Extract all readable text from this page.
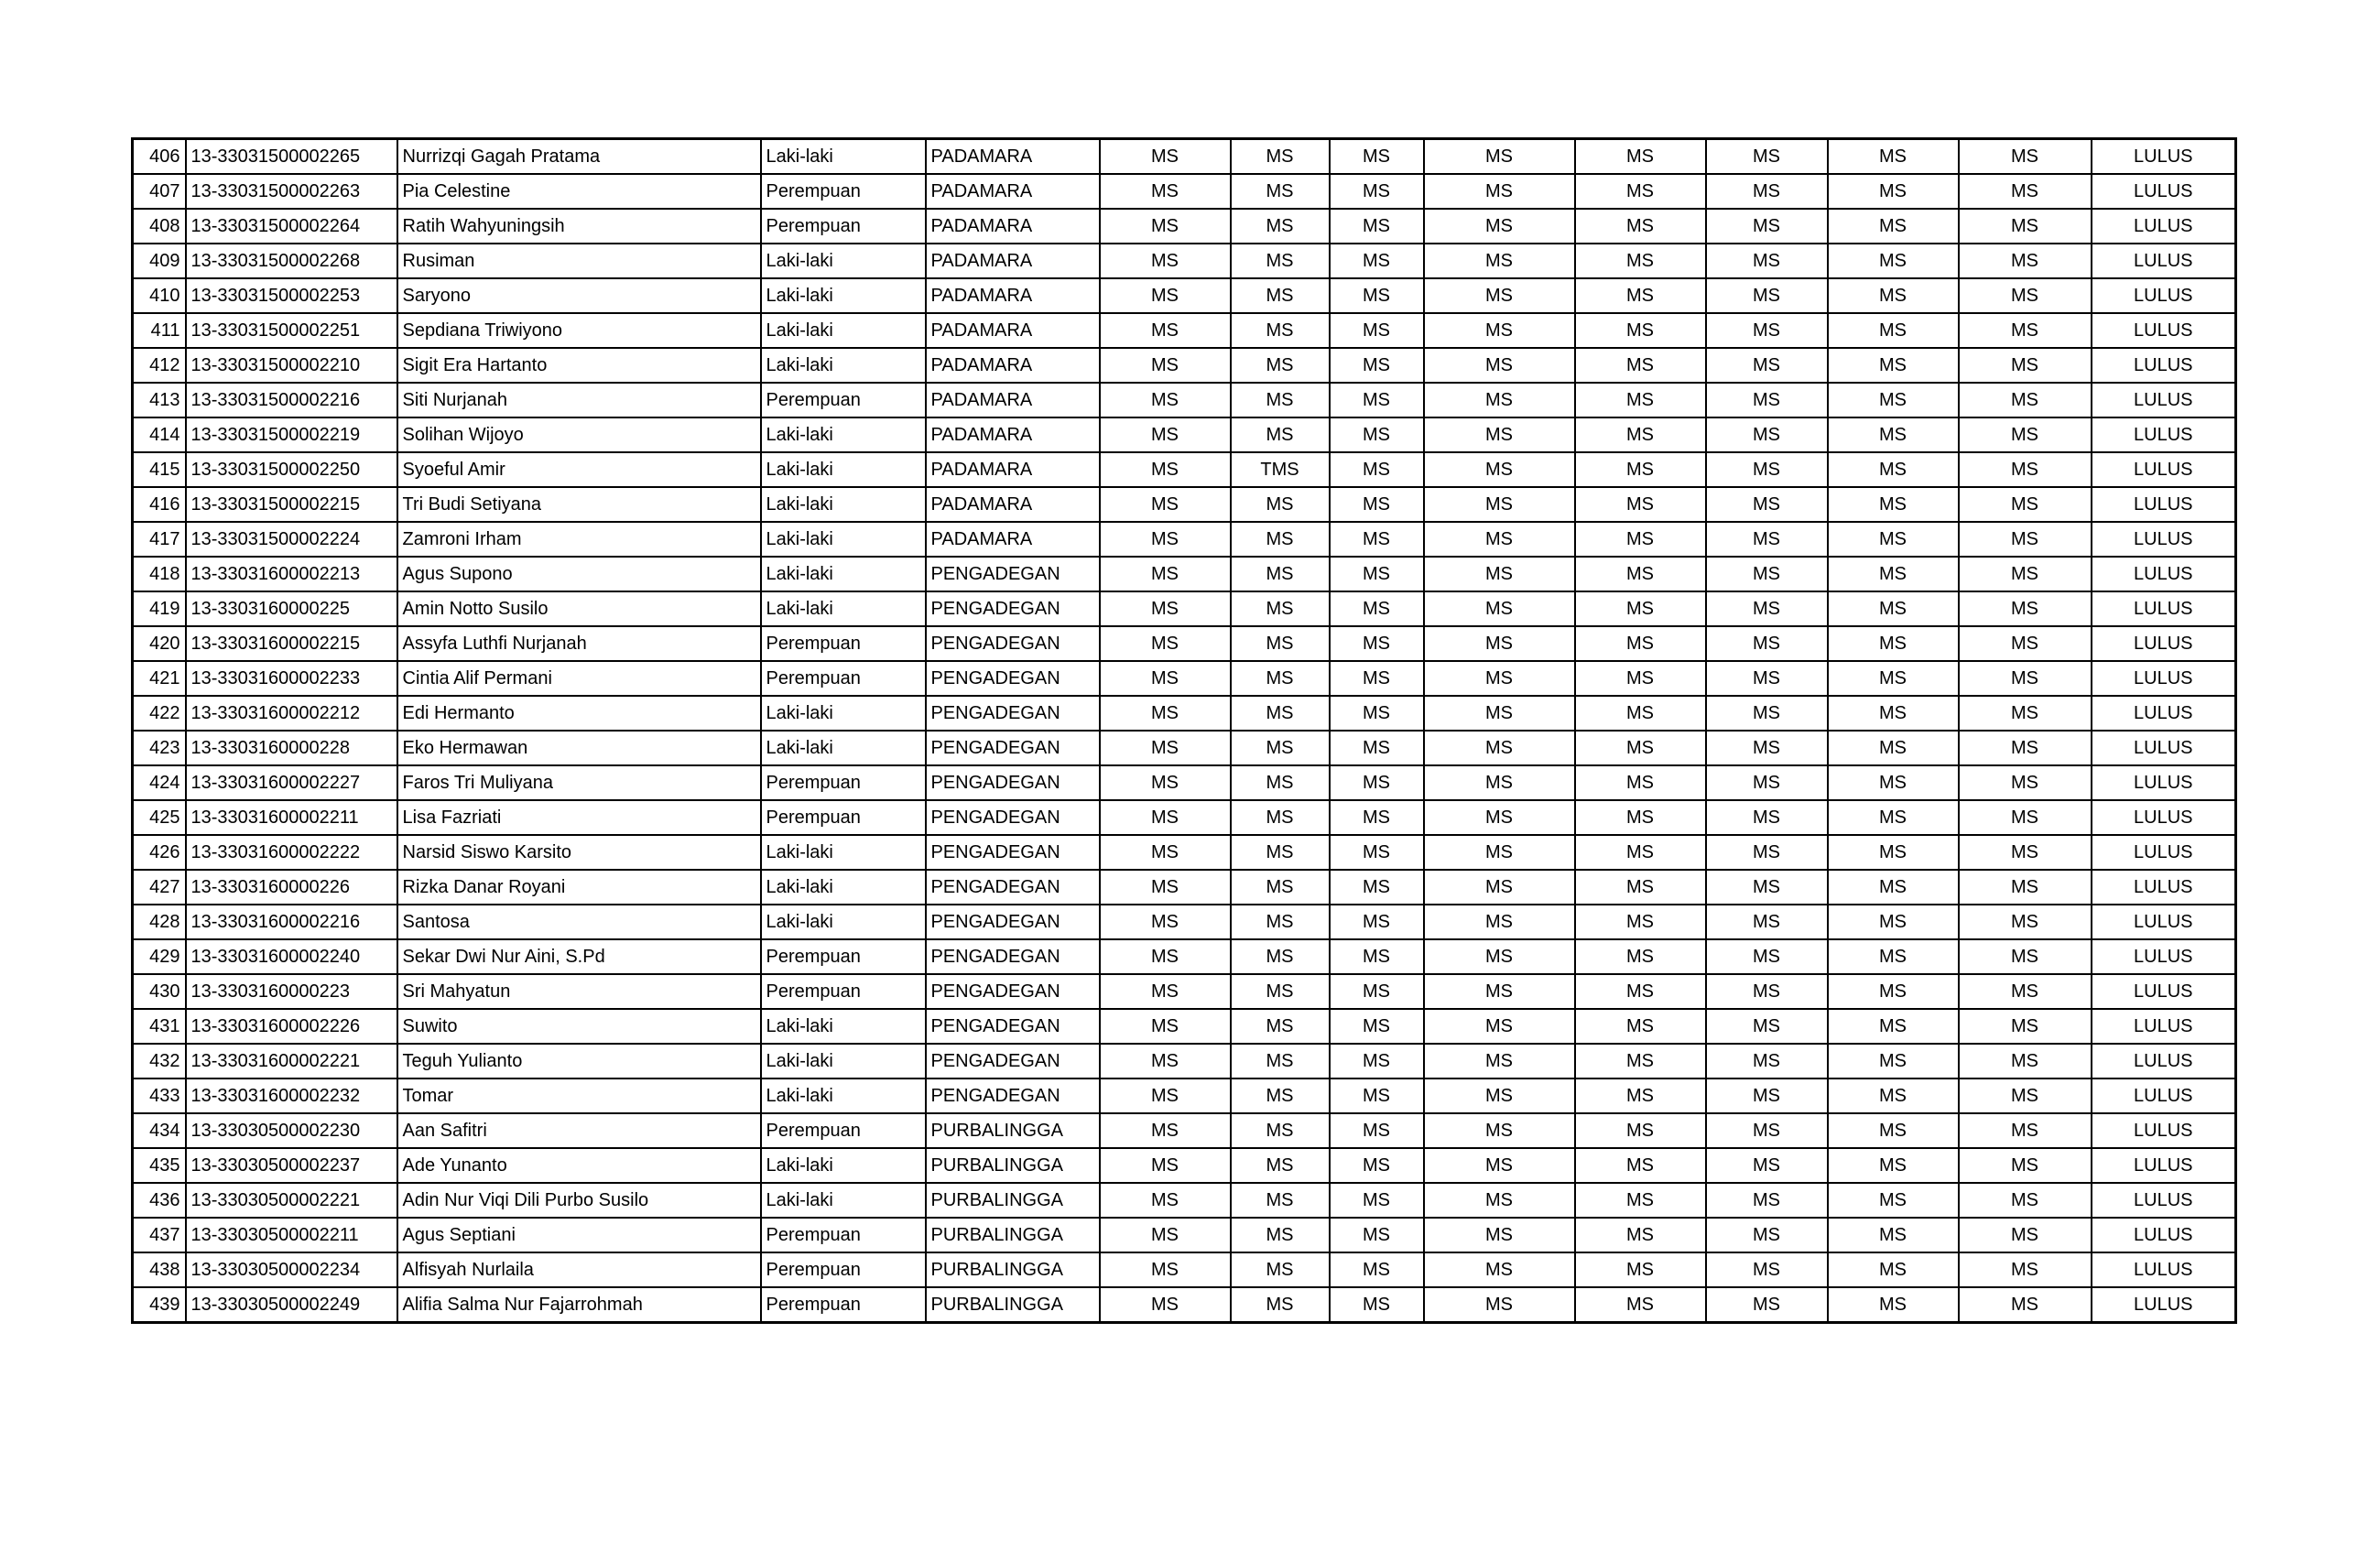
406	13-33031500002265	Nurrizqi Gagah Pratama	Laki-laki	PADAMARA	MS	MS	MS	MS	MS	MS	MS	MS	LULUS
407	13-33031500002263	Pia Celestine	Perempuan	PADAMARA	MS	MS	MS	MS	MS	MS	MS	MS	LULUS
408	13-33031500002264	Ratih Wahyuningsih	Perempuan	PADAMARA	MS	MS	MS	MS	MS	MS	MS	MS	LULUS
409	13-33031500002268	Rusiman	Laki-laki	PADAMARA	MS	MS	MS	MS	MS	MS	MS	MS	LULUS
410	13-33031500002253	Saryono	Laki-laki	PADAMARA	MS	MS	MS	MS	MS	MS	MS	MS	LULUS
411	13-33031500002251	Sepdiana Triwiyono	Laki-laki	PADAMARA	MS	MS	MS	MS	MS	MS	MS	MS	LULUS
412	13-33031500002210	Sigit Era Hartanto	Laki-laki	PADAMARA	MS	MS	MS	MS	MS	MS	MS	MS	LULUS
413	13-33031500002216	Siti Nurjanah	Perempuan	PADAMARA	MS	MS	MS	MS	MS	MS	MS	MS	LULUS
414	13-33031500002219	Solihan Wijoyo	Laki-laki	PADAMARA	MS	MS	MS	MS	MS	MS	MS	MS	LULUS
415	13-33031500002250	Syoeful Amir	Laki-laki	PADAMARA	MS	TMS	MS	MS	MS	MS	MS	MS	LULUS
416	13-33031500002215	Tri Budi Setiyana	Laki-laki	PADAMARA	MS	MS	MS	MS	MS	MS	MS	MS	LULUS
417	13-33031500002224	Zamroni Irham	Laki-laki	PADAMARA	MS	MS	MS	MS	MS	MS	MS	MS	LULUS
418	13-33031600002213	Agus Supono	Laki-laki	PENGADEGAN	MS	MS	MS	MS	MS	MS	MS	MS	LULUS
419	13-3303160000225	Amin Notto Susilo	Laki-laki	PENGADEGAN	MS	MS	MS	MS	MS	MS	MS	MS	LULUS
420	13-33031600002215	Assyfa Luthfi Nurjanah	Perempuan	PENGADEGAN	MS	MS	MS	MS	MS	MS	MS	MS	LULUS
421	13-33031600002233	Cintia Alif Permani	Perempuan	PENGADEGAN	MS	MS	MS	MS	MS	MS	MS	MS	LULUS
422	13-33031600002212	Edi Hermanto	Laki-laki	PENGADEGAN	MS	MS	MS	MS	MS	MS	MS	MS	LULUS
423	13-3303160000228	Eko Hermawan	Laki-laki	PENGADEGAN	MS	MS	MS	MS	MS	MS	MS	MS	LULUS
424	13-33031600002227	Faros Tri Muliyana	Perempuan	PENGADEGAN	MS	MS	MS	MS	MS	MS	MS	MS	LULUS
425	13-33031600002211	Lisa Fazriati	Perempuan	PENGADEGAN	MS	MS	MS	MS	MS	MS	MS	MS	LULUS
426	13-33031600002222	Narsid Siswo Karsito	Laki-laki	PENGADEGAN	MS	MS	MS	MS	MS	MS	MS	MS	LULUS
427	13-3303160000226	Rizka Danar Royani	Laki-laki	PENGADEGAN	MS	MS	MS	MS	MS	MS	MS	MS	LULUS
428	13-33031600002216	Santosa	Laki-laki	PENGADEGAN	MS	MS	MS	MS	MS	MS	MS	MS	LULUS
429	13-33031600002240	Sekar Dwi Nur Aini, S.Pd	Perempuan	PENGADEGAN	MS	MS	MS	MS	MS	MS	MS	MS	LULUS
430	13-3303160000223	Sri Mahyatun	Perempuan	PENGADEGAN	MS	MS	MS	MS	MS	MS	MS	MS	LULUS
431	13-33031600002226	Suwito	Laki-laki	PENGADEGAN	MS	MS	MS	MS	MS	MS	MS	MS	LULUS
432	13-33031600002221	Teguh Yulianto	Laki-laki	PENGADEGAN	MS	MS	MS	MS	MS	MS	MS	MS	LULUS
433	13-33031600002232	Tomar	Laki-laki	PENGADEGAN	MS	MS	MS	MS	MS	MS	MS	MS	LULUS
434	13-33030500002230	Aan Safitri	Perempuan	PURBALINGGA	MS	MS	MS	MS	MS	MS	MS	MS	LULUS
435	13-33030500002237	Ade Yunanto	Laki-laki	PURBALINGGA	MS	MS	MS	MS	MS	MS	MS	MS	LULUS
436	13-33030500002221	Adin Nur Viqi Dili Purbo Susilo	Laki-laki	PURBALINGGA	MS	MS	MS	MS	MS	MS	MS	MS	LULUS
437	13-33030500002211	Agus Septiani	Perempuan	PURBALINGGA	MS	MS	MS	MS	MS	MS	MS	MS	LULUS
438	13-33030500002234	Alfisyah Nurlaila	Perempuan	PURBALINGGA	MS	MS	MS	MS	MS	MS	MS	MS	LULUS
439	13-33030500002249	Alifia Salma Nur Fajarrohmah	Perempuan	PURBALINGGA	MS	MS	MS	MS	MS	MS	MS	MS	LULUS
